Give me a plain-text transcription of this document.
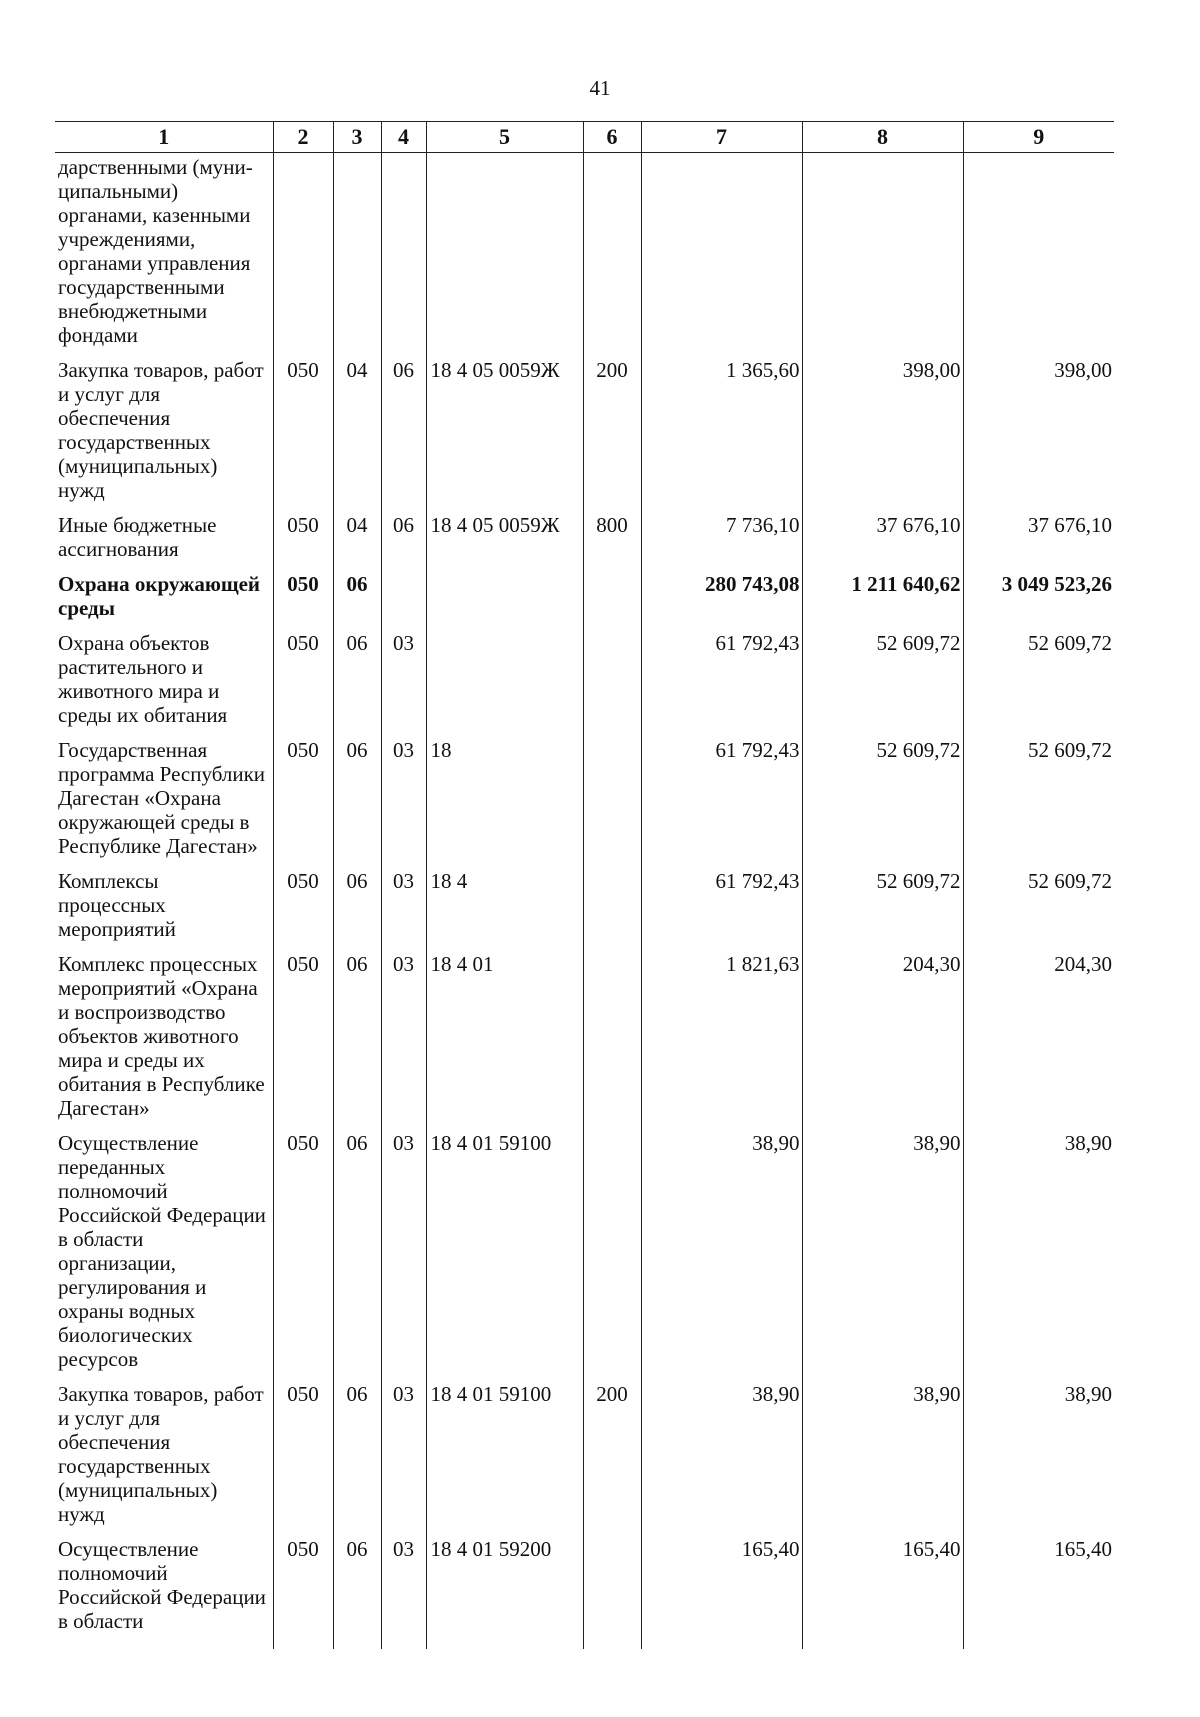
41
1	2	3	4	5	6	7	8	9
дарственными (муни-ципальными) органами, казенными учреждениями, органами управления государственными внебюджетными фондами								
Закупка товаров, работ и услуг для обеспечения государственных (муниципальных) нужд	050	04	06	18 4 05 0059Ж	200	1 365,60	398,00	398,00
Иные бюджетные ассигнования	050	04	06	18 4 05 0059Ж	800	7 736,10	37 676,10	37 676,10
Охрана окружающей среды	050	06				280 743,08	1 211 640,62	3 049 523,26
Охрана объектов растительного и животного мира и среды их обитания	050	06	03			61 792,43	52 609,72	52 609,72
Государственная программа Республики Дагестан «Охрана окружающей среды в Республике Дагестан»	050	06	03	18		61 792,43	52 609,72	52 609,72
Комплексы процессных мероприятий	050	06	03	18 4		61 792,43	52 609,72	52 609,72
Комплекс процессных мероприятий «Охрана и воспроизводство объектов животного мира и среды их обитания в Республике Дагестан»	050	06	03	18 4 01		1 821,63	204,30	204,30
Осуществление переданных полномочий Российской Федерации в области организации, регулирования и охраны водных биологических ресурсов	050	06	03	18 4 01 59100		38,90	38,90	38,90
Закупка товаров, работ и услуг для обеспечения государственных (муниципальных) нужд	050	06	03	18 4 01 59100	200	38,90	38,90	38,90
Осуществление полномочий Российской Федерации в области	050	06	03	18 4 01 59200		165,40	165,40	165,40
